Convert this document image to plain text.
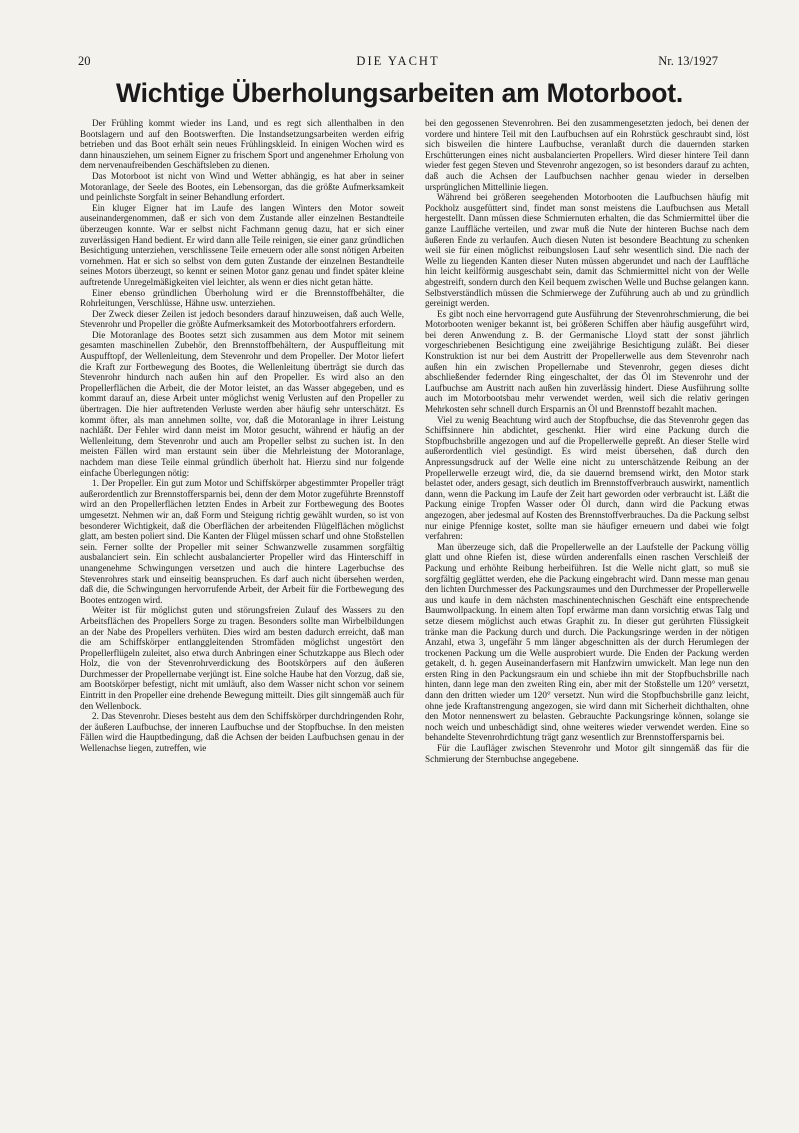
20	DIE YACHT	Nr. 13/1927
Wichtige Überholungsarbeiten am Motorboot.

Der Frühling kommt wieder ins Land, und es regt sich allenthalben in den Bootslagern und auf den Bootswerften. Die Instandsetzungsarbeiten werden eifrig betrieben und das Boot erhält sein neues Frühlingskleid. In einigen Wochen wird es dann hinausziehen, um seinem Eigner zu frischem Sport und angenehmer Erholung von dem nervenaufreibenden Geschäftsleben zu dienen.

Das Motorboot ist nicht von Wind und Wetter abhängig, es hat aber in seiner Motoranlage, der Seele des Bootes, ein Lebensorgan, das die größte Aufmerksamkeit und peinlichste Sorgfalt in seiner Behandlung erfordert.

Ein kluger Eigner hat im Laufe des langen Winters den Motor soweit auseinandergenommen, daß er sich von dem Zustande aller einzelnen Bestandteile überzeugen konnte. War er selbst nicht Fachmann genug dazu, hat er sich einer zuverlässigen Hand bedient. Er wird dann alle Teile reinigen, sie einer ganz gründlichen Besichtigung unterziehen, verschlissene Teile erneuern oder alle sonst nötigen Arbeiten vornehmen. Hat er sich so selbst von dem guten Zustande der einzelnen Bestandteile seines Motors überzeugt, so kennt er seinen Motor ganz genau und findet später kleine auftretende Unregelmäßigkeiten viel leichter, als wenn er dies nicht getan hätte.

Einer ebenso gründlichen Überholung wird er die Brennstoffbehälter, die Rohrleitungen, Verschlüsse, Hähne usw. unterziehen.

Der Zweck dieser Zeilen ist jedoch besonders darauf hinzuweisen, daß auch Welle, Stevenrohr und Propeller die größte Aufmerksamkeit des Motorbootfahrers erfordern.

Die Motoranlage des Bootes setzt sich zusammen aus dem Motor mit seinem gesamten maschinellen Zubehör, den Brennstoffbehältern, der Auspuffleitung mit Auspufftopf, der Wellenleitung, dem Stevenrohr und dem Propeller. Der Motor liefert die Kraft zur Fortbewegung des Bootes, die Wellenleitung überträgt sie durch das Stevenrohr hindurch nach außen hin auf den Propeller. Es wird also an den Propellerflächen die Arbeit, die der Motor leistet, an das Wasser abgegeben, und es kommt darauf an, diese Arbeit unter möglichst wenig Verlusten auf den Propeller zu übertragen. Die hier auftretenden Verluste werden aber häufig sehr unterschätzt. Es kommt öfter, als man annehmen sollte, vor, daß die Motoranlage in ihrer Leistung nachläßt. Der Fehler wird dann meist im Motor gesucht, während er häufig an der Wellenleitung, dem Stevenrohr und auch am Propeller selbst zu suchen ist. In den meisten Fällen wird man erstaunt sein über die Mehrleistung der Motoranlage, nachdem man diese Teile einmal gründlich überholt hat. Hierzu sind nur folgende einfache Überlegungen nötig:

1. Der Propeller. Ein gut zum Motor und Schiffskörper abgestimmter Propeller trägt außerordentlich zur Brennstoffersparnis bei, denn der dem Motor zugeführte Brennstoff wird an den Propellerflächen letzten Endes in Arbeit zur Fortbewegung des Bootes umgesetzt. Nehmen wir an, daß Form und Steigung richtig gewählt wurden, so ist von besonderer Wichtigkeit, daß die Oberflächen der arbeitenden Flügelflächen möglichst glatt, am besten poliert sind. Die Kanten der Flügel müssen scharf und ohne Stoßstellen sein. Ferner sollte der Propeller mit seiner Schwanzwelle zusammen sorgfältig ausbalanciert sein. Ein schlecht ausbalancierter Propeller wird das Hinterschiff in unangenehme Schwingungen versetzen und auch die hintere Lagerbuchse des Stevenrohres stark und einseitig beanspruchen. Es darf auch nicht übersehen werden, daß die, die Schwingungen hervorrufende Arbeit, der Arbeit für die Fortbewegung des Bootes entzogen wird.

Weiter ist für möglichst guten und störungsfreien Zulauf des Wassers zu den Arbeitsflächen des Propellers Sorge zu tragen. Besonders sollte man Wirbelbildungen an der Nabe des Propellers verhüten. Dies wird am besten dadurch erreicht, daß man die am Schiffskörper entlanggleitenden Stromfäden möglichst ungestört den Propellerflügeln zuleitet, also etwa durch Anbringen einer Schutzkappe aus Blech oder Holz, die von der Stevenrohrverdickung des Bootskörpers auf den äußeren Durchmesser der Propellernabe verjüngt ist. Eine solche Haube hat den Vorzug, daß sie, am Bootskörper befestigt, nicht mit umläuft, also dem Wasser nicht schon vor seinem Eintritt in den Propeller eine drehende Bewegung mitteilt. Dies gilt sinngemäß auch für den Wellenbock.

2. Das Stevenrohr. Dieses besteht aus dem den Schiffskörper durchdringenden Rohr, der äußeren Laufbuchse, der inneren Laufbuchse und der Stopfbuchse. In den meisten Fällen wird die Hauptbedingung, daß die Achsen der beiden Laufbuchsen genau in der Wellenachse liegen, zutreffen, wie

bei den gegossenen Stevenrohren. Bei den zusammengesetzten jedoch, bei denen der vordere und hintere Teil mit den Laufbuchsen auf ein Rohrstück geschraubt sind, löst sich bisweilen die hintere Laufbuchse, veranlaßt durch die dauernden starken Erschütterungen eines nicht ausbalancierten Propellers. Wird dieser hintere Teil dann wieder fest gegen Steven und Stevenrohr angezogen, so ist besonders darauf zu achten, daß auch die Achsen der Laufbuchsen nachher genau wieder in derselben ursprünglichen Mittellinie liegen.

Während bei größeren seegehenden Motorbooten die Laufbuchsen häufig mit Pockholz ausgefüttert sind, findet man sonst meistens die Laufbuchsen aus Metall hergestellt. Dann müssen diese Schmiernuten erhalten, die das Schmiermittel über die ganze Lauffläche verteilen, und zwar muß die Nute der hinteren Buchse nach dem äußeren Ende zu verlaufen. Auch diesen Nuten ist besondere Beachtung zu schenken weil sie für einen möglichst reibungslosen Lauf sehr wesentlich sind. Die nach der Welle zu liegenden Kanten dieser Nuten müssen abgerundet und nach der Lauffläche hin leicht keilförmig ausgeschabt sein, damit das Schmiermittel nicht von der Welle abgestreift, sondern durch den Keil bequem zwischen Welle und Buchse gelangen kann. Selbstverständlich müssen die Schmierwege der Zuführung auch ab und zu gründlich gereinigt werden.

Es gibt noch eine hervorragend gute Ausführung der Stevenrohrschmierung, die bei Motorbooten weniger bekannt ist, bei größeren Schiffen aber häufig ausgeführt wird, bei deren Anwendung z. B. der Germanische Lloyd statt der sonst jährlich vorgeschriebenen Besichtigung eine zweijährige Besichtigung zuläßt. Bei dieser Konstruktion ist nur bei dem Austritt der Propellerwelle aus dem Stevenrohr nach außen hin ein zwischen Propellernabe und Stevenrohr, gegen dieses dicht abschließender federnder Ring eingeschaltet, der das Öl im Stevenrohr und der Laufbuchse am Austritt nach außen hin zuverlässig hindert. Diese Ausführung sollte auch im Motorbootsbau mehr verwendet werden, weil sich die relativ geringen Mehrkosten sehr schnell durch Ersparnis an Öl und Brennstoff bezahlt machen.

Viel zu wenig Beachtung wird auch der Stopfbuchse, die das Stevenrohr gegen das Schiffsinnere hin abdichtet, geschenkt. Hier wird eine Packung durch die Stopfbuchsbrille angezogen und auf die Propellerwelle gepreßt. An dieser Stelle wird außerordentlich viel gesündigt. Es wird meist übersehen, daß durch den Anpressungsdruck auf der Welle eine nicht zu unterschätzende Reibung an der Propellerwelle erzeugt wird, die, da sie dauernd bremsend wirkt, den Motor stark belastet oder, anders gesagt, sich deutlich im Brennstoffverbrauch auswirkt, namentlich dann, wenn die Packung im Laufe der Zeit hart geworden oder verbraucht ist. Läßt die Packung einige Tropfen Wasser oder Öl durch, dann wird die Packung etwas angezogen, aber jedesmal auf Kosten des Brennstoffverbrauches. Da die Packung selbst nur einige Pfennige kostet, sollte man sie häufiger erneuern und dabei wie folgt verfahren:

Man überzeuge sich, daß die Propellerwelle an der Laufstelle der Packung völlig glatt und ohne Riefen ist, diese würden anderenfalls einen raschen Verschleiß der Packung und erhöhte Reibung herbeiführen. Ist die Welle nicht glatt, so muß sie sorgfältig geglättet werden, ehe die Packung eingebracht wird. Dann messe man genau den lichten Durchmesser des Packungsraumes und den Durchmesser der Propellerwelle aus und kaufe in dem nächsten maschinentechnischen Geschäft eine entsprechende Baumwollpackung. In einem alten Topf erwärme man dann vorsichtig etwas Talg und setze diesem möglichst auch etwas Graphit zu. In dieser gut gerührten Flüssigkeit tränke man die Packung durch und durch. Die Packungsringe werden in der nötigen Anzahl, etwa 3, ungefähr 5 mm länger abgeschnitten als der durch Herumlegen der trockenen Packung um die Welle ausprobiert wurde. Die Enden der Packung werden getakelt, d. h. gegen Auseinanderfasern mit Hanfzwirn umwickelt. Man lege nun den ersten Ring in den Packungsraum ein und schiebe ihn mit der Stopfbuchsbrille nach hinten, dann lege man den zweiten Ring ein, aber mit der Stoßstelle um 120° versetzt, dann den dritten wieder um 120° versetzt. Nun wird die Stopfbuchsbrille ganz leicht, ohne jede Kraftanstrengung angezogen, sie wird dann mit Sicherheit dichthalten, ohne den Motor nennenswert zu belasten. Gebrauchte Packungsringe können, solange sie noch weich und unbeschädigt sind, ohne weiteres wieder verwendet werden. Eine so behandelte Stevenrohrdichtung trägt ganz wesentlich zur Brennstoffersparnis bei.

Für die Laufläger zwischen Stevenrohr und Motor gilt sinngemäß das für die Schmierung der Sternbuchse angegebene.
